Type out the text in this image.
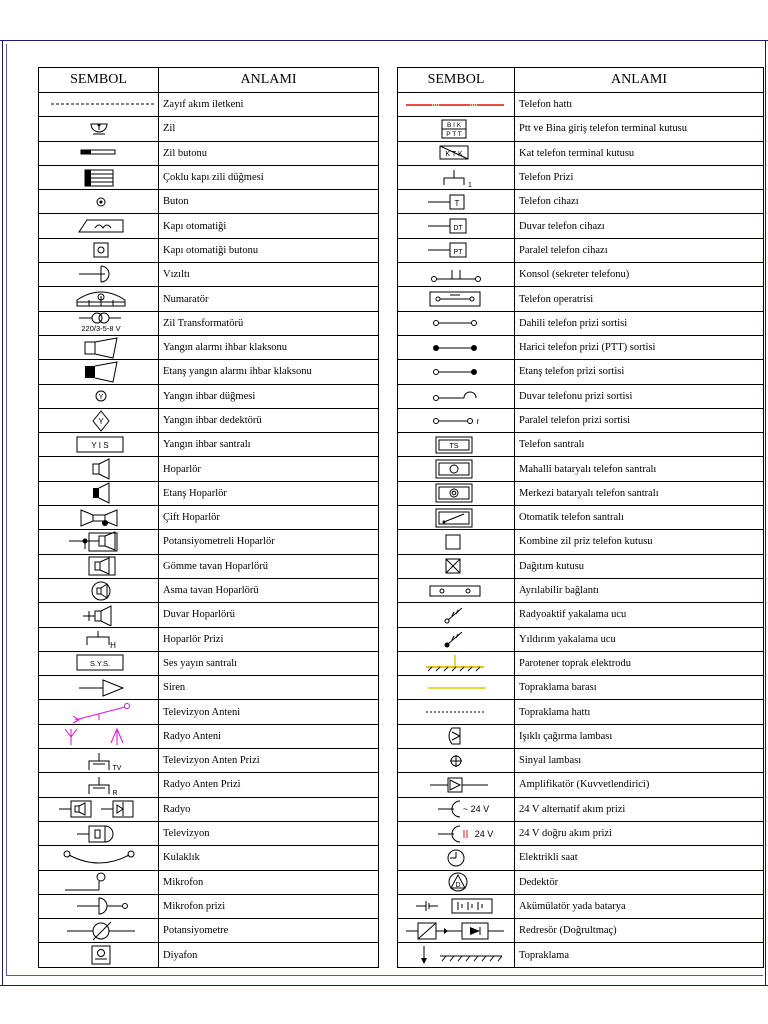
SEMBOL	ANLAMI
	Zayıf akım iletkeni
	Zil
	Zil butonu
	Çoklu kapı zili düğmesi
	Buton
	Kapı otomatiği
	Kapı otomatiği butonu
	Vızıltı
	Numaratör

220/3-5-8 V	Zil Transformatörü
	Yangın alarmı ihbar klaksonu
	Etanş yangın alarmı ihbar klaksonu

Y	Yangın ihbar düğmesi

Y	Yangın ihbar dedektörü

Y I S	Yangın ihbar santralı
	Hoparlör
	Etanş Hoparlör
	Çift Hoparlör
	Potansiyometreli Hoparlör
	Gömme tavan Hoparlörü
	Asma tavan Hoparlörü
	Duvar Hoparlörü

H	Hoparlör Prizi

S.Y.S.	Ses yayın santralı
	Siren
	Televizyon Anteni
	Radyo Anteni

TV	Televizyon Anten Prizi

R	Radyo Anten Prizi
	Radyo
	Televizyon
	Kulaklık
	Mikrofon
	Mikrofon prizi
	Potansiyometre
	Diyafon
SEMBOL	ANLAMI
	Telefon hattı

B I K
P T T	Ptt ve Bina giriş telefon terminal kutusu

K T K	Kat telefon terminal kutusu

1	Telefon Prizi

T	Telefon cihazı

DT	Duvar telefon cihazı

PT	Paralel telefon cihazı
	Konsol (sekreter telefonu)
	Telefon operatrisi
	Dahili telefon prizi sortisi
	Harici telefon prizi (PTT) sortisi
	Etanş telefon prizi sortisi
	Duvar telefonu prizi sortisi

r	Paralel telefon prizi sortisi

TS	Telefon santralı
	Mahalli bataryalı telefon santralı
	Merkezi bataryalı telefon santralı
	Otomatik telefon santralı
	Kombine zil priz telefon kutusu
	Dağıtım kutusu
	Ayrılabilir bağlantı
	Radyoaktif yakalama ucu
	Yıldırım yakalama ucu
	Parotener toprak elektrodu
	Topraklama barası
	Topraklama hattı
	Işıklı çağırma lambası
	Sinyal lambası
	Amplifikatör (Kuvvetlendirici)

~ 24 V	24 V alternatif akım prizi

24 V	24 V doğru akım prizi
	Elektrikli saat

D	Dedektör
	Akümülatör yada batarya
	Redresör (Doğrultmaç)
	Topraklama
